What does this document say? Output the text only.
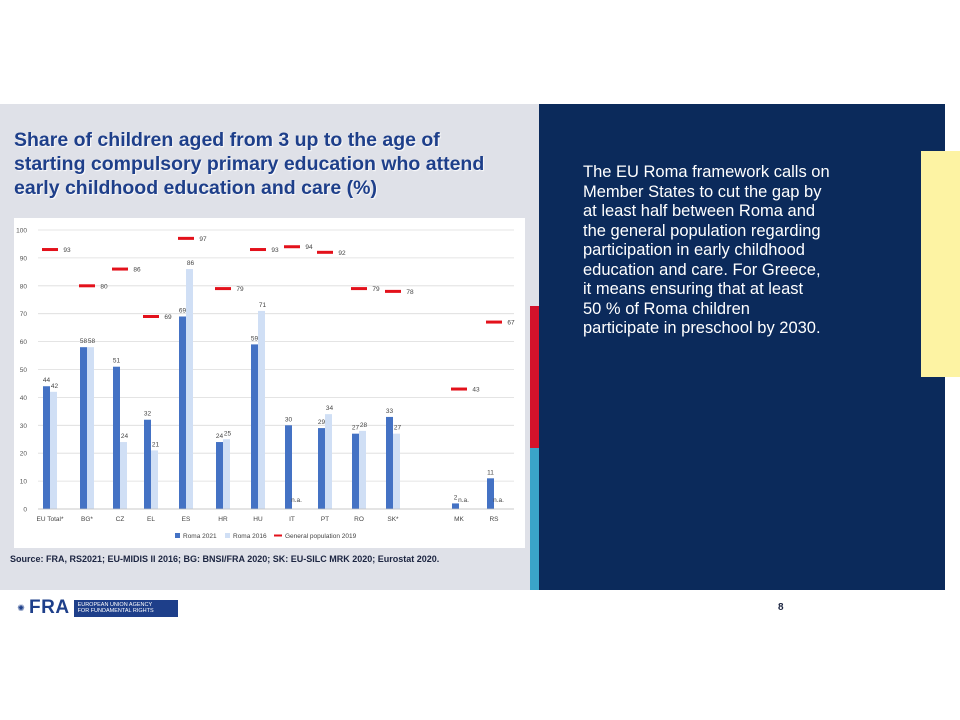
Share of children aged from 3 up to the age of
starting compulsory primary education who attend
early childhood education and care (%)
0
10
20
30
40
50
60
70
80
90
100
44
42
93
EU Total*
58 58
80
BG*
51
24
86
CZ
32
21
69
EL
69
86
97
ES
24 25
79
HR
59
71
93
HU
30
n.a.
94
IT
29
34
92
PT
27 28
79
RO
33
27
78
SK*
2 n.a.
43
MK
11
n.a.
67
RS
Roma 2021	Roma 2016	General population 2019
Source: FRA, RS2021; EU-MIDIS II 2016; BG: BNSI/FRA 2020; SK: EU-SILC MRK 2020; Eurostat 2020.

The EU Roma framework calls on
Member States to cut the gap by
at least half between Roma and
the general population regarding
participation in early childhood
education and care. For Greece,
it means ensuring that at least
50 % of Roma children
participate in preschool by 2030.

✺ FRA EUROPEAN UNION AGENCY
FOR FUNDAMENTAL RIGHTS	8
